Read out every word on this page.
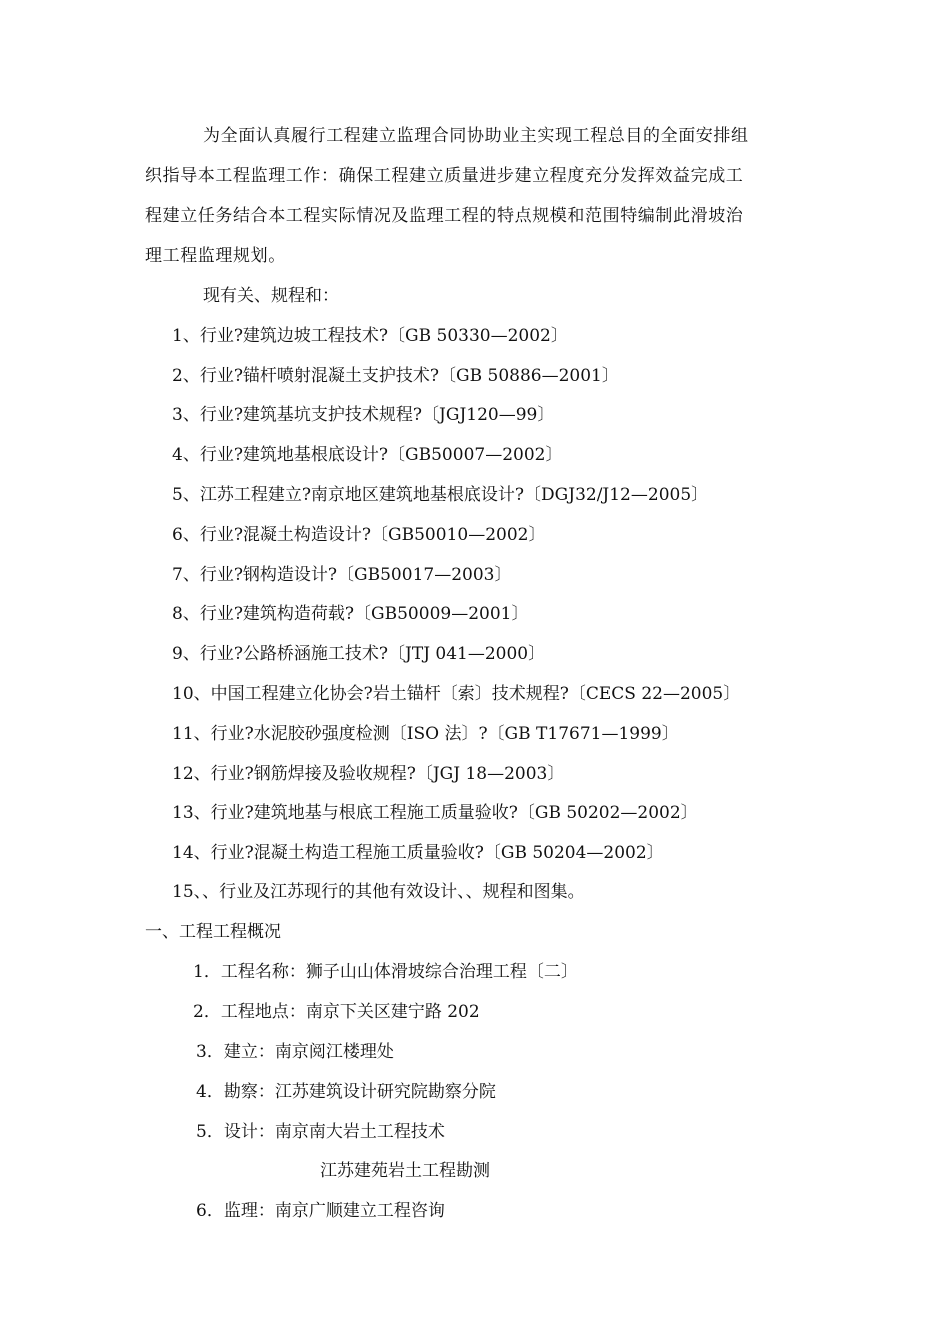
为全面认真履行工程建立监理合同协助业主实现工程总目的全面安排组
织指导本工程监理工作：确保工程建立质量进步建立程度充分发挥效益完成工
程建立任务结合本工程实际情况及监理工程的特点规模和范围特编制此滑坡治
理工程监理规划。
现有关、规程和：
1、行业?建筑边坡工程技术?〔GB 50330—2002〕
2、行业?锚杆喷射混凝土支护技术?〔GB 50886—2001〕
3、行业?建筑基坑支护技术规程?〔JGJ120—99〕
4、行业?建筑地基根底设计?〔GB50007—2002〕
5、江苏工程建立?南京地区建筑地基根底设计?〔DGJ32/J12—2005〕
6、行业?混凝土构造设计?〔GB50010—2002〕
7、行业?钢构造设计?〔GB50017—2003〕
8、行业?建筑构造荷载?〔GB50009—2001〕
9、行业?公路桥涵施工技术?〔JTJ 041—2000〕
10、中国工程建立化协会?岩土锚杆〔索〕技术规程?〔CECS 22—2005〕
11、行业?水泥胶砂强度检测〔ISO 法〕?〔GB T17671—1999〕
12、行业?钢筋焊接及验收规程?〔JGJ 18—2003〕
13、行业?建筑地基与根底工程施工质量验收?〔GB 50202—2002〕
14、行业?混凝土构造工程施工质量验收?〔GB 50204—2002〕
15、、行业及江苏现行的其他有效设计、、规程和图集。
一、工程工程概况
1．工程名称：狮子山山体滑坡综合治理工程〔二〕
2．工程地点：南京下关区建宁路 202
3．建立：南京阅江楼理处
4．勘察：江苏建筑设计研究院勘察分院
5．设计：南京南大岩土工程技术
江苏建苑岩土工程勘测
6．监理：南京广顺建立工程咨询
